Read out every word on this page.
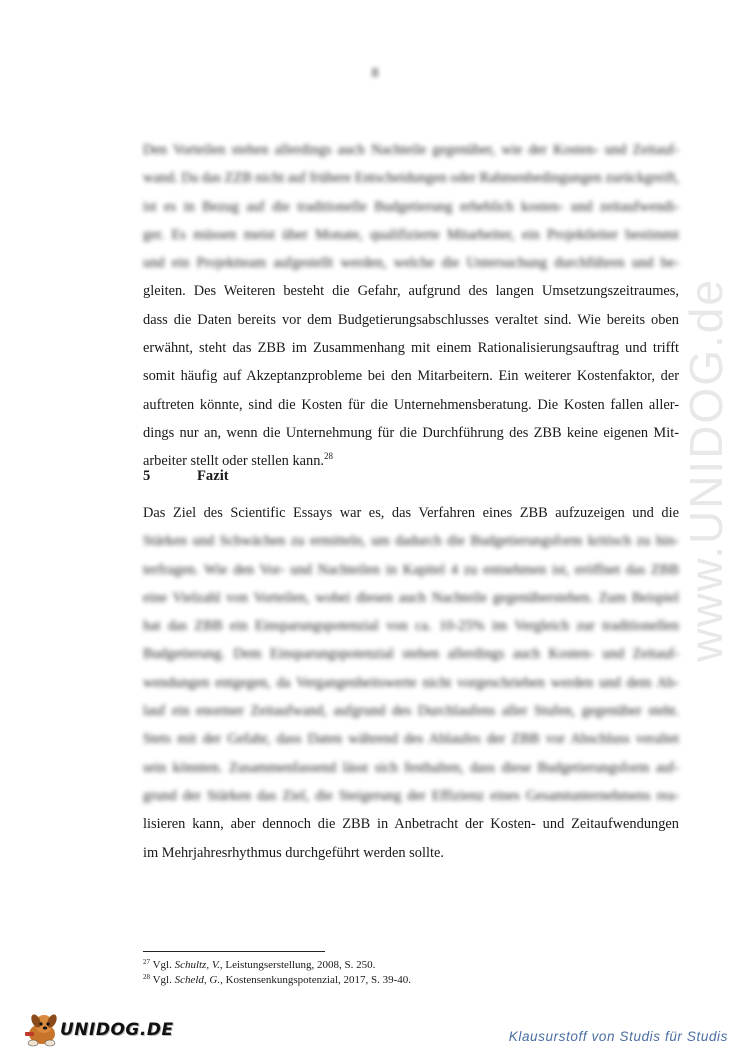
8
Den Vorteilen stehen allerdings auch Nachteile gegenüber, wie der Kosten- und Zeitauf-
wand. Da das ZZB nicht auf frühere Entscheidungen oder Rahmenbedingungen zurückgreift,
ist es in Bezug auf die traditionelle Budgetierung erheblich kosten- und zeitaufwendi-
ger. Es müssen meist über Monate, qualifizierte Mitarbeiter, ein Projektleiter bestimmt
und ein Projektteam aufgestellt werden, welche die Untersuchung durchführen und be-
gleiten. Des Weiteren besteht die Gefahr, aufgrund des langen Umsetzungszeitraumes,
dass die Daten bereits vor dem Budgetierungsabschlusses veraltet sind. Wie bereits oben
erwähnt, steht das ZBB im Zusammenhang mit einem Rationalisierungsauftrag und trifft
somit häufig auf Akzeptanzprobleme bei den Mitarbeitern. Ein weiterer Kostenfaktor, der
auftreten könnte, sind die Kosten für die Unternehmensberatung. Die Kosten fallen aller-
dings nur an, wenn die Unternehmung für die Durchführung des ZBB keine eigenen Mit-
arbeiter stellt oder stellen kann.$^{28}$
5	Fazit
Das Ziel des Scientific Essays war es, das Verfahren eines ZBB aufzuzeigen und die
Stärken und Schwächen zu ermitteln, um dadurch die Budgetierungsform kritisch zu hin-
terfragen. Wie den Vor- und Nachteilen in Kapitel 4 zu entnehmen ist, eröffnet das ZBB
eine Vielzahl von Vorteilen, wobei diesen auch Nachteile gegenüberstehen. Zum Beispiel
hat das ZBB ein Einsparungspotenzial von ca. 10-25% im Vergleich zur traditionellen
Budgetierung. Dem Einsparungspotenzial stehen allerdings auch Kosten- und Zeitauf-
wendungen entgegen, da Vergangenheitswerte nicht vorgeschrieben werden und dem Ab-
lauf ein enormer Zeitaufwand, aufgrund des Durchlaufens aller Stufen, gegenüber steht.
Stets mit der Gefahr, dass Daten während des Ablaufes der ZBB vor Abschluss veraltet
sein könnten. Zusammenfassend lässt sich festhalten, dass diese Budgetierungsform auf-
grund der Stärken das Ziel, die Steigerung der Effizienz eines Gesamtunternehmens rea-
lisieren kann, aber dennoch die ZBB in Anbetracht der Kosten- und Zeitaufwendungen
im Mehrjahresrhythmus durchgeführt werden sollte.
$^{27}$ Vgl. Schultz, V., Leistungserstellung, 2008, S. 250.
$^{28}$ Vgl. Scheld, G., Kostensenkungspotenzial, 2017, S. 39-40.
www.UNIDOG.de
UNIDOG.DE	Klausurstoff von Studis für Studis
